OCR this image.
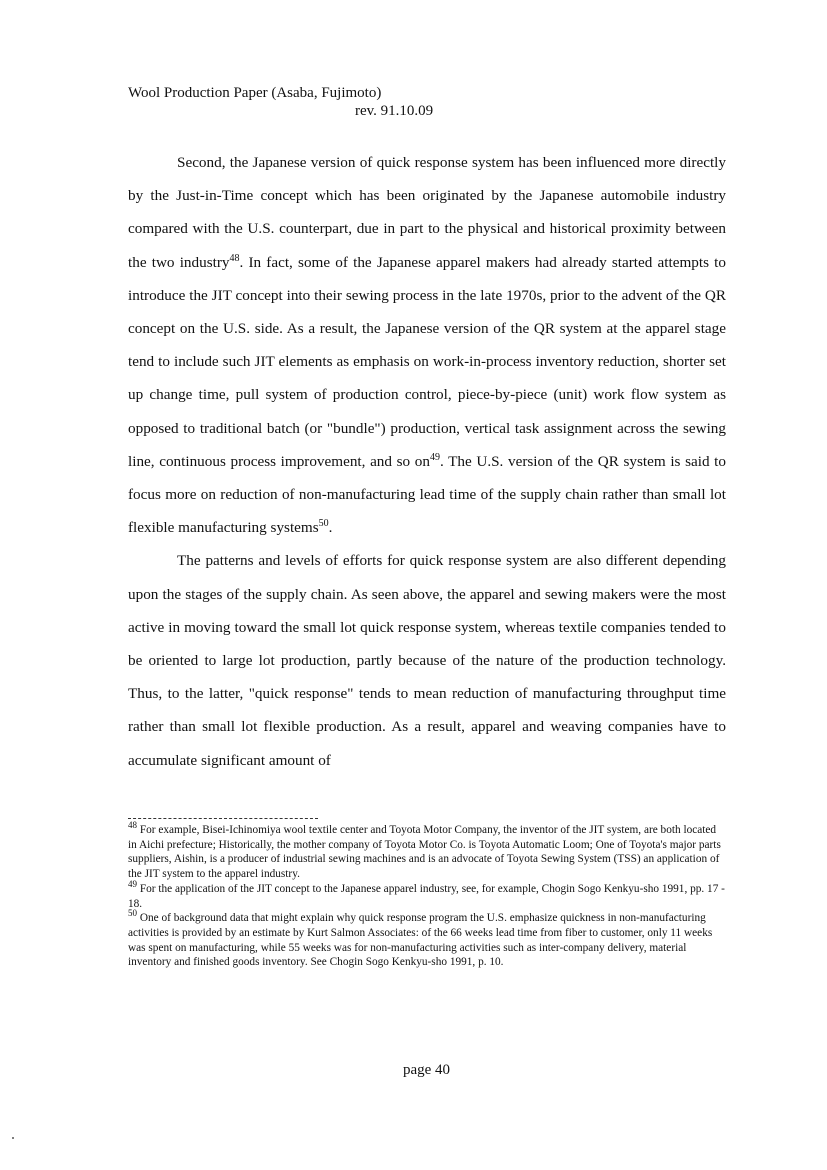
Wool Production Paper (Asaba, Fujimoto)
rev. 91.10.09

Second, the Japanese version of quick response system has been influenced more directly by the Just-in-Time concept which has been originated by the Japanese automobile industry compared with the U.S. counterpart, due in part to the physical and historical proximity between the two industry$^{48}$. In fact, some of the Japanese apparel makers had already started attempts to introduce the JIT concept into their sewing process in the late 1970s, prior to the advent of the QR concept on the U.S. side. As a result, the Japanese version of the QR system at the apparel stage tend to include such JIT elements as emphasis on work-in-process inventory reduction, shorter set up change time, pull system of production control, piece-by-piece (unit) work flow system as opposed to traditional batch (or "bundle") production, vertical task assignment across the sewing line, continuous process improvement, and so $on^{49}$. The U.S. version of the QR system is said to focus more on reduction of non-manufacturing lead time of the supply chain rather than small lot flexible manufacturing systems$^{50}$.

The patterns and levels of efforts for quick response system are also different depending upon the stages of the supply chain. As seen above, the apparel and sewing makers were the most active in moving toward the small lot quick response system, whereas textile companies tended to be oriented to large lot production, partly because of the nature of the production technology. Thus, to the latter, "quick response" tends to mean reduction of manufacturing throughput time rather than small lot flexible production. As a result, apparel and weaving companies have to accumulate significant amount of

$^{48}$ For example, Bisei-Ichinomiya wool textile center and Toyota Motor Company, the inventor of the JIT system, are both located in Aichi prefecture; Historically, the mother company of Toyota Motor Co. is Toyota Automatic Loom; One of Toyota's major parts suppliers, Aishin, is a producer of industrial sewing machines and is an advocate of Toyota Sewing System (TSS) an application of the JIT system to the apparel industry.

$^{49}$ For the application of the JIT concept to the Japanese apparel industry, see, for example, Chogin Sogo Kenkyu-sho 1991, pp. 17 - 18.

$^{50}$ One of background data that might explain why quick response program the U.S. emphasize quickness in non-manufacturing activities is provided by an estimate by Kurt Salmon Associates: of the 66 weeks lead time from fiber to customer, only 11 weeks was spent on manufacturing, while 55 weeks was for non-manufacturing activities such as inter-company delivery, material inventory and finished goods inventory. See Chogin Sogo Kenkyu-sho 1991, p. 10.

page 40
